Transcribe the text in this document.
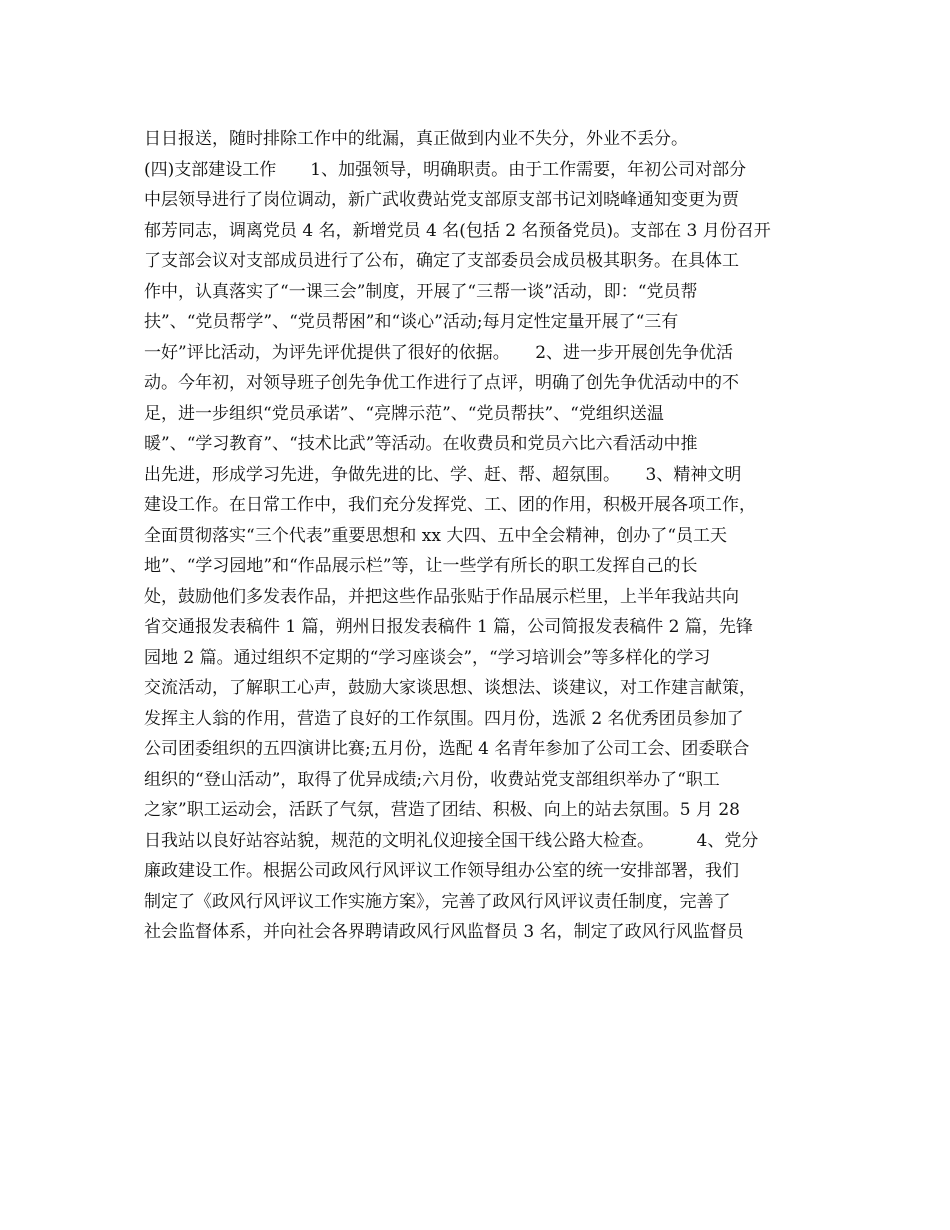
日日报送，随时排除工作中的纰漏，真正做到内业不失分，外业不丢分。
(四)支部建设工作　　1、加强领导，明确职责。由于工作需要，年初公司对部分
中层领导进行了岗位调动，新广武收费站党支部原支部书记刘晓峰通知变更为贾
郁芳同志，调离党员 4 名，新增党员 4 名(包括 2 名预备党员)。支部在 3 月份召开
了支部会议对支部成员进行了公布，确定了支部委员会成员极其职务。在具体工
作中，认真落实了“一课三会”制度，开展了“三帮一谈”活动，即：“党员帮
扶”、“党员帮学”、“党员帮困”和“谈心”活动;每月定性定量开展了“三有
一好”评比活动，为评先评优提供了很好的依据。　　2、进一步开展创先争优活
动。今年初，对领导班子创先争优工作进行了点评，明确了创先争优活动中的不
足，进一步组织“党员承诺”、“亮牌示范”、“党员帮扶”、“党组织送温
暖”、“学习教育”、“技术比武”等活动。在收费员和党员六比六看活动中推
出先进，形成学习先进，争做先进的比、学、赶、帮、超氛围。　　3、精神文明
建设工作。在日常工作中，我们充分发挥党、工、团的作用，积极开展各项工作，
全面贯彻落实“三个代表”重要思想和 xx 大四、五中全会精神，创办了“员工天
地”、“学习园地”和“作品展示栏”等，让一些学有所长的职工发挥自己的长
处，鼓励他们多发表作品，并把这些作品张贴于作品展示栏里，上半年我站共向
省交通报发表稿件 1 篇，朔州日报发表稿件 1 篇，公司简报发表稿件 2 篇，先锋
园地 2 篇。通过组织不定期的“学习座谈会”，“学习培训会”等多样化的学习
交流活动，了解职工心声，鼓励大家谈思想、谈想法、谈建议，对工作建言献策，
发挥主人翁的作用，营造了良好的工作氛围。四月份，选派 2 名优秀团员参加了
公司团委组织的五四演讲比赛;五月份，选配 4 名青年参加了公司工会、团委联合
组织的“登山活动”，取得了优异成绩;六月份，收费站党支部组织举办了“职工
之家”职工运动会，活跃了气氛，营造了团结、积极、向上的站去氛围。5 月 28
日我站以良好站容站貌，规范的文明礼仪迎接全国干线公路大检查。　　　4、党分
廉政建设工作。根据公司政风行风评议工作领导组办公室的统一安排部署，我们
制定了《政风行风评议工作实施方案》，完善了政风行风评议责任制度，完善了
社会监督体系，并向社会各界聘请政风行风监督员 3 名，制定了政风行风监督员
